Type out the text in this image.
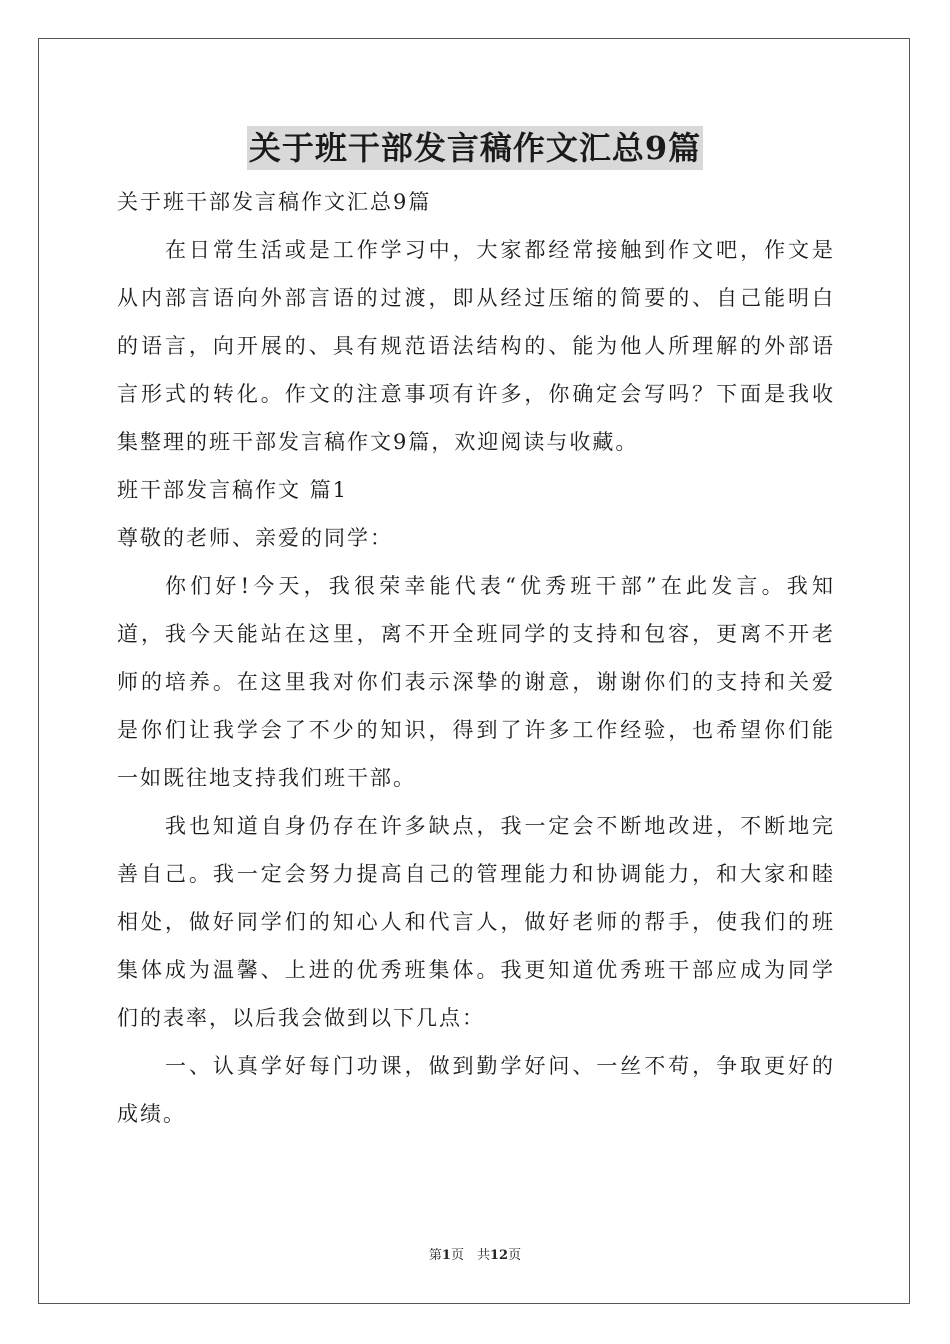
关于班干部发言稿作文汇总9篇
关于班干部发言稿作文汇总9篇
在日常生活或是工作学习中，大家都经常接触到作文吧，作文是
从内部言语向外部言语的过渡，即从经过压缩的简要的、自己能明白
的语言，向开展的、具有规范语法结构的、能为他人所理解的外部语
言形式的转化。作文的注意事项有许多，你确定会写吗？下面是我收
集整理的班干部发言稿作文9篇，欢迎阅读与收藏。
班干部发言稿作文 篇1
尊敬的老师、亲爱的同学：
你们好!今天，我很荣幸能代表“优秀班干部”在此发言。我知
道，我今天能站在这里，离不开全班同学的支持和包容，更离不开老
师的培养。在这里我对你们表示深挚的谢意，谢谢你们的支持和关爱
是你们让我学会了不少的知识，得到了许多工作经验，也希望你们能
一如既往地支持我们班干部。
我也知道自身仍存在许多缺点，我一定会不断地改进，不断地完
善自己。我一定会努力提高自己的管理能力和协调能力，和大家和睦
相处，做好同学们的知心人和代言人，做好老师的帮手，使我们的班
集体成为温馨、上进的优秀班集体。我更知道优秀班干部应成为同学
们的表率，以后我会做到以下几点：
一、认真学好每门功课，做到勤学好问、一丝不苟，争取更好的
成绩。
第1页　共12页
